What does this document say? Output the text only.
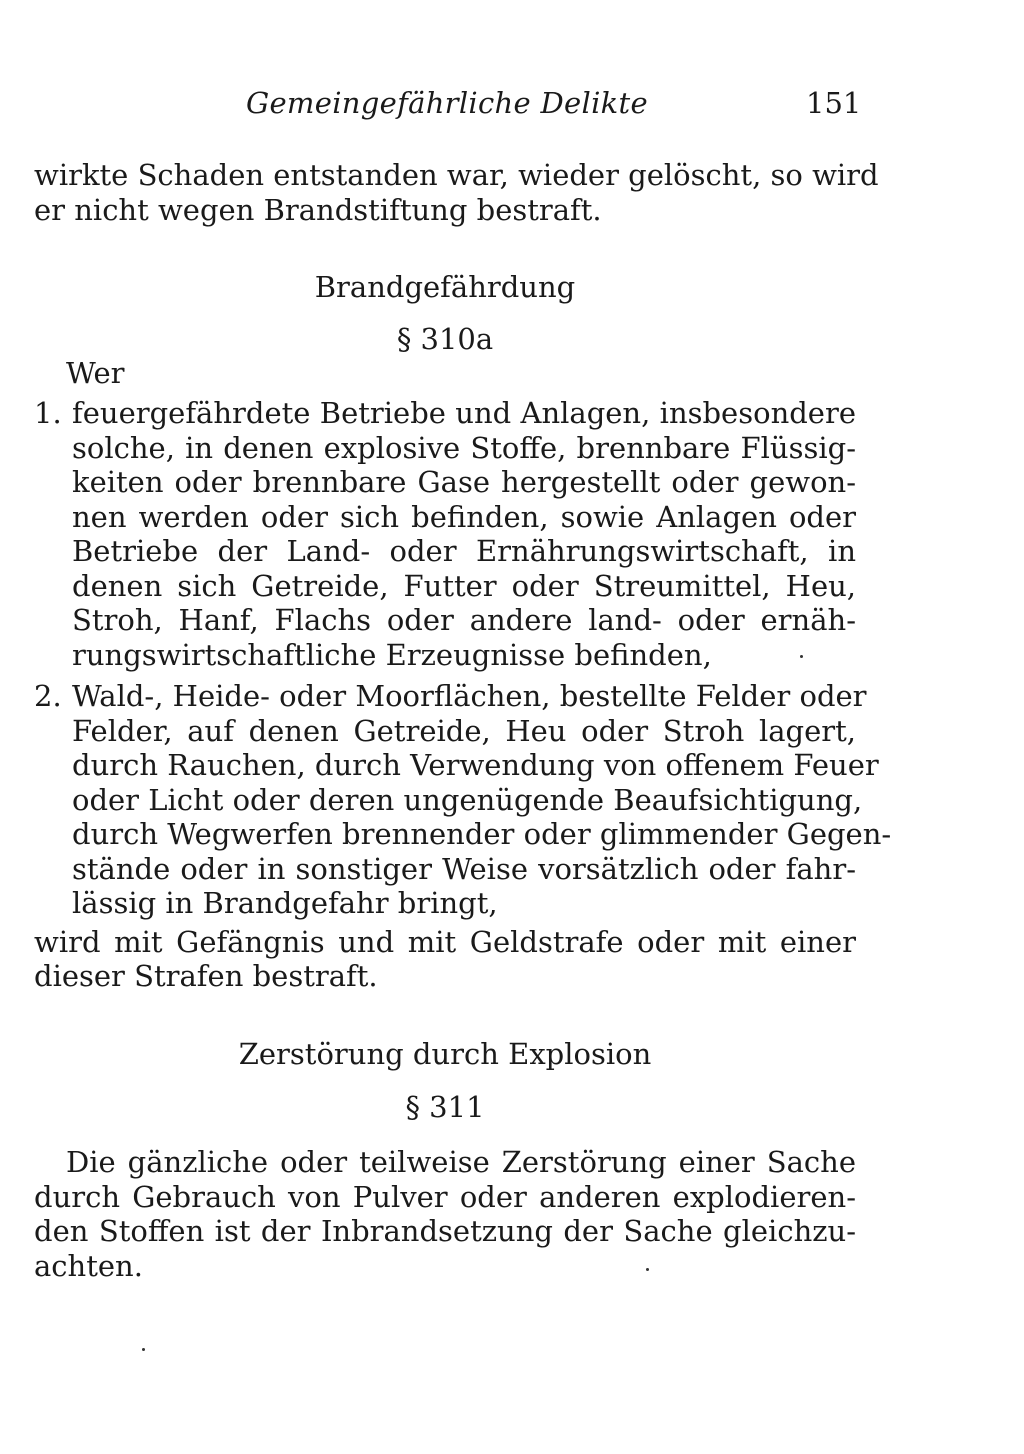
Gemeingefährliche Delikte	151
wirkte Schaden entstanden war, wieder gelöscht, so wird
er nicht wegen Brandstiftung bestraft.
Brandgefährdung
§ 310a
Wer
1. feuergefährdete Betriebe und Anlagen, insbesondere
solche, in denen explosive Stoffe, brennbare Flüssig-
keiten oder brennbare Gase hergestellt oder gewon-
nen werden oder sich befinden, sowie Anlagen oder
Betriebe der Land- oder Ernährungswirtschaft, in
denen sich Getreide, Futter oder Streumittel, Heu,
Stroh, Hanf, Flachs oder andere land- oder ernäh-
rungswirtschaftliche Erzeugnisse befinden,
2. Wald-, Heide- oder Moorflächen, bestellte Felder oder
Felder, auf denen Getreide, Heu oder Stroh lagert,
durch Rauchen, durch Verwendung von offenem Feuer
oder Licht oder deren ungenügende Beaufsichtigung,
durch Wegwerfen brennender oder glimmender Gegen-
stände oder in sonstiger Weise vorsätzlich oder fahr-
lässig in Brandgefahr bringt,
wird mit Gefängnis und mit Geldstrafe oder mit einer
dieser Strafen bestraft.
Zerstörung durch Explosion
§ 311
Die gänzliche oder teilweise Zerstörung einer Sache
durch Gebrauch von Pulver oder anderen explodieren-
den Stoffen ist der Inbrandsetzung der Sache gleichzu-
achten.
